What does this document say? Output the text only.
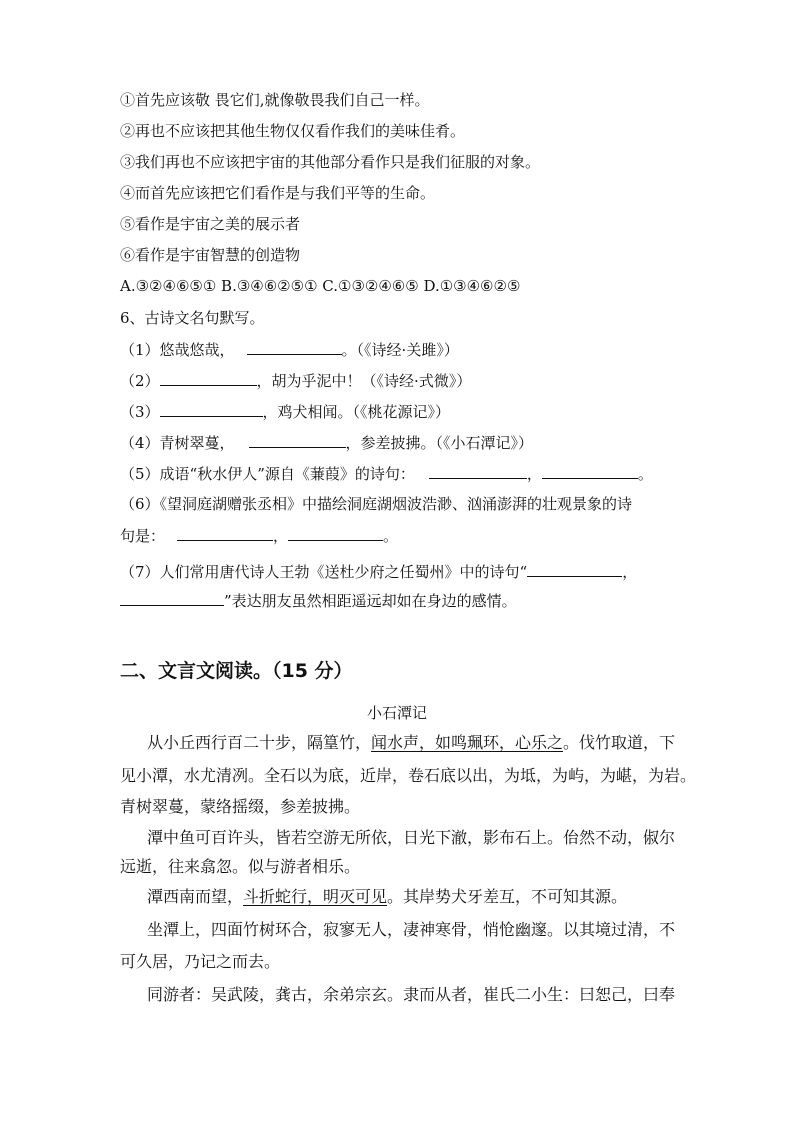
①首先应该敬 畏它们,就像敬畏我们自己一样。
②再也不应该把其他生物仅仅看作我们的美味佳肴。
③我们再也不应该把宇宙的其他部分看作只是我们征服的对象。
④而首先应该把它们看作是与我们平等的生命。
⑤看作是宇宙之美的展示者
⑥看作是宇宙智慧的创造物
A.③②④⑥⑤① B.③④⑥②⑤① C.①③②④⑥⑤ D.①③④⑥②⑤
6、古诗文名句默写。
（1）悠哉悠哉，	。（《诗经·关雎》）
（2）	，胡为乎泥中！（《诗经·式微》）
（3）	，鸡犬相闻。（《桃花源记》）
（4）青树翠蔓，	，参差披拂。（《小石潭记》）
（5）成语“秋水伊人”源自《蒹葭》的诗句：	，	。
（6）《望洞庭湖赠张丞相》中描绘洞庭湖烟波浩渺、汹涌澎湃的壮观景象的诗
句是：	，	。
（7）人们常用唐代诗人王勃《送杜少府之任蜀州》中的诗句“	，
”表达朋友虽然相距遥远却如在身边的感情。
二、文言文阅读。（15 分）
小石潭记
从小丘西行百二十步，隔篁竹，闻水声，如鸣珮环，心乐之。伐竹取道，下
见小潭，水尤清冽。全石以为底，近岸，卷石底以出，为坻，为屿，为嵁，为岩。
青树翠蔓，蒙络摇缀，参差披拂。
潭中鱼可百许头，皆若空游无所依，日光下澈，影布石上。佁然不动，俶尔
远逝，往来翕忽。似与游者相乐。
潭西南而望，斗折蛇行，明灭可见。其岸势犬牙差互，不可知其源。
坐潭上，四面竹树环合，寂寥无人，凄神寒骨，悄怆幽邃。以其境过清，不
可久居，乃记之而去。
同游者：吴武陵，龚古，余弟宗玄。隶而从者，崔氏二小生：曰恕己，曰奉
